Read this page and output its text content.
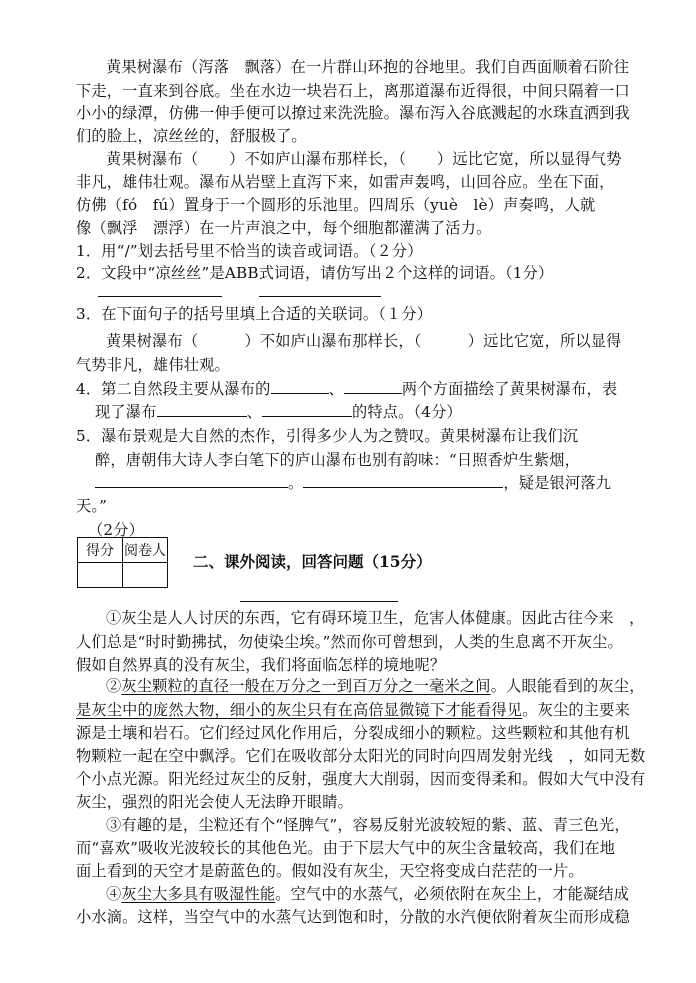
黄果树瀑布（泻落　飘落）在一片群山环抱的谷地里。我们自西面顺着石阶往
下走，一直来到谷底。坐在水边一块岩石上，离那道瀑布近得很，中间只隔着一口
小小的绿潭，仿佛一伸手便可以撩过来洗洗脸。瀑布泻入谷底溅起的水珠直洒到我
们的脸上，凉丝丝的，舒服极了。
黄果树瀑布（　　）不如庐山瀑布那样长，（　　）远比它宽，所以显得气势
非凡，雄伟壮观。瀑布从岩壁上直泻下来，如雷声轰鸣，山回谷应。坐在下面，
仿佛（fó　fú）置身于一个圆形的乐池里。四周乐（yuè　lè）声奏鸣，人就
像（飘浮　漂浮）在一片声浪之中，每个细胞都灌满了活力。
1．用“/”划去括号里不恰当的读音或词语。（２分）
2．文段中“凉丝丝”是ABB式词语，请仿写出２个这样的词语。（1分）
3．在下面句子的括号里填上合适的关联词。（１分）
黄果树瀑布（　　　）不如庐山瀑布那样长，（　　　）远比它宽，所以显得
气势非凡，雄伟壮观。
4．第二自然段主要从瀑布的	、	两个方面描绘了黄果树瀑布，表
现了瀑布	、	的特点。（4分）
5．瀑布景观是大自然的杰作，引得多少人为之赞叹。黄果树瀑布让我们沉
醉，唐朝伟大诗人李白笔下的庐山瀑布也别有韵味：“日照香炉生紫烟，
。	，疑是银河落九
天。”
（2分）
得分	阅卷人

二、课外阅读，回答问题（15分）
①灰尘是人人讨厌的东西，它有碍环境卫生，危害人体健康。因此古往今来　，
人们总是“时时勤拂拭，勿使染尘埃。”然而你可曾想到，人类的生息离不开灰尘。
假如自然界真的没有灰尘，我们将面临怎样的境地呢？
②灰尘颗粒的直径一般在万分之一到百万分之一毫米之间。人眼能看到的灰尘，
是灰尘中的庞然大物，细小的灰尘只有在高倍显微镜下才能看得见。灰尘的主要来
源是土壤和岩石。它们经过风化作用后，分裂成细小的颗粒。这些颗粒和其他有机
物颗粒一起在空中飘浮。它们在吸收部分太阳光的同时向四周发射光线　，如同无数
个小点光源。阳光经过灰尘的反射，强度大大削弱，因而变得柔和。假如大气中没有
灰尘，强烈的阳光会使人无法睁开眼睛。
③有趣的是，尘粒还有个“怪脾气”，容易反射光波较短的紫、蓝、青三色光，
而“喜欢”吸收光波较长的其他色光。由于下层大气中的灰尘含量较高，我们在地
面上看到的天空才是蔚蓝色的。假如没有灰尘，天空将变成白茫茫的一片。
④灰尘大多具有吸湿性能。空气中的水蒸气，必须依附在灰尘上，才能凝结成
小水滴。这样，当空气中的水蒸气达到饱和时，分散的水汽便依附着灰尘而形成稳
